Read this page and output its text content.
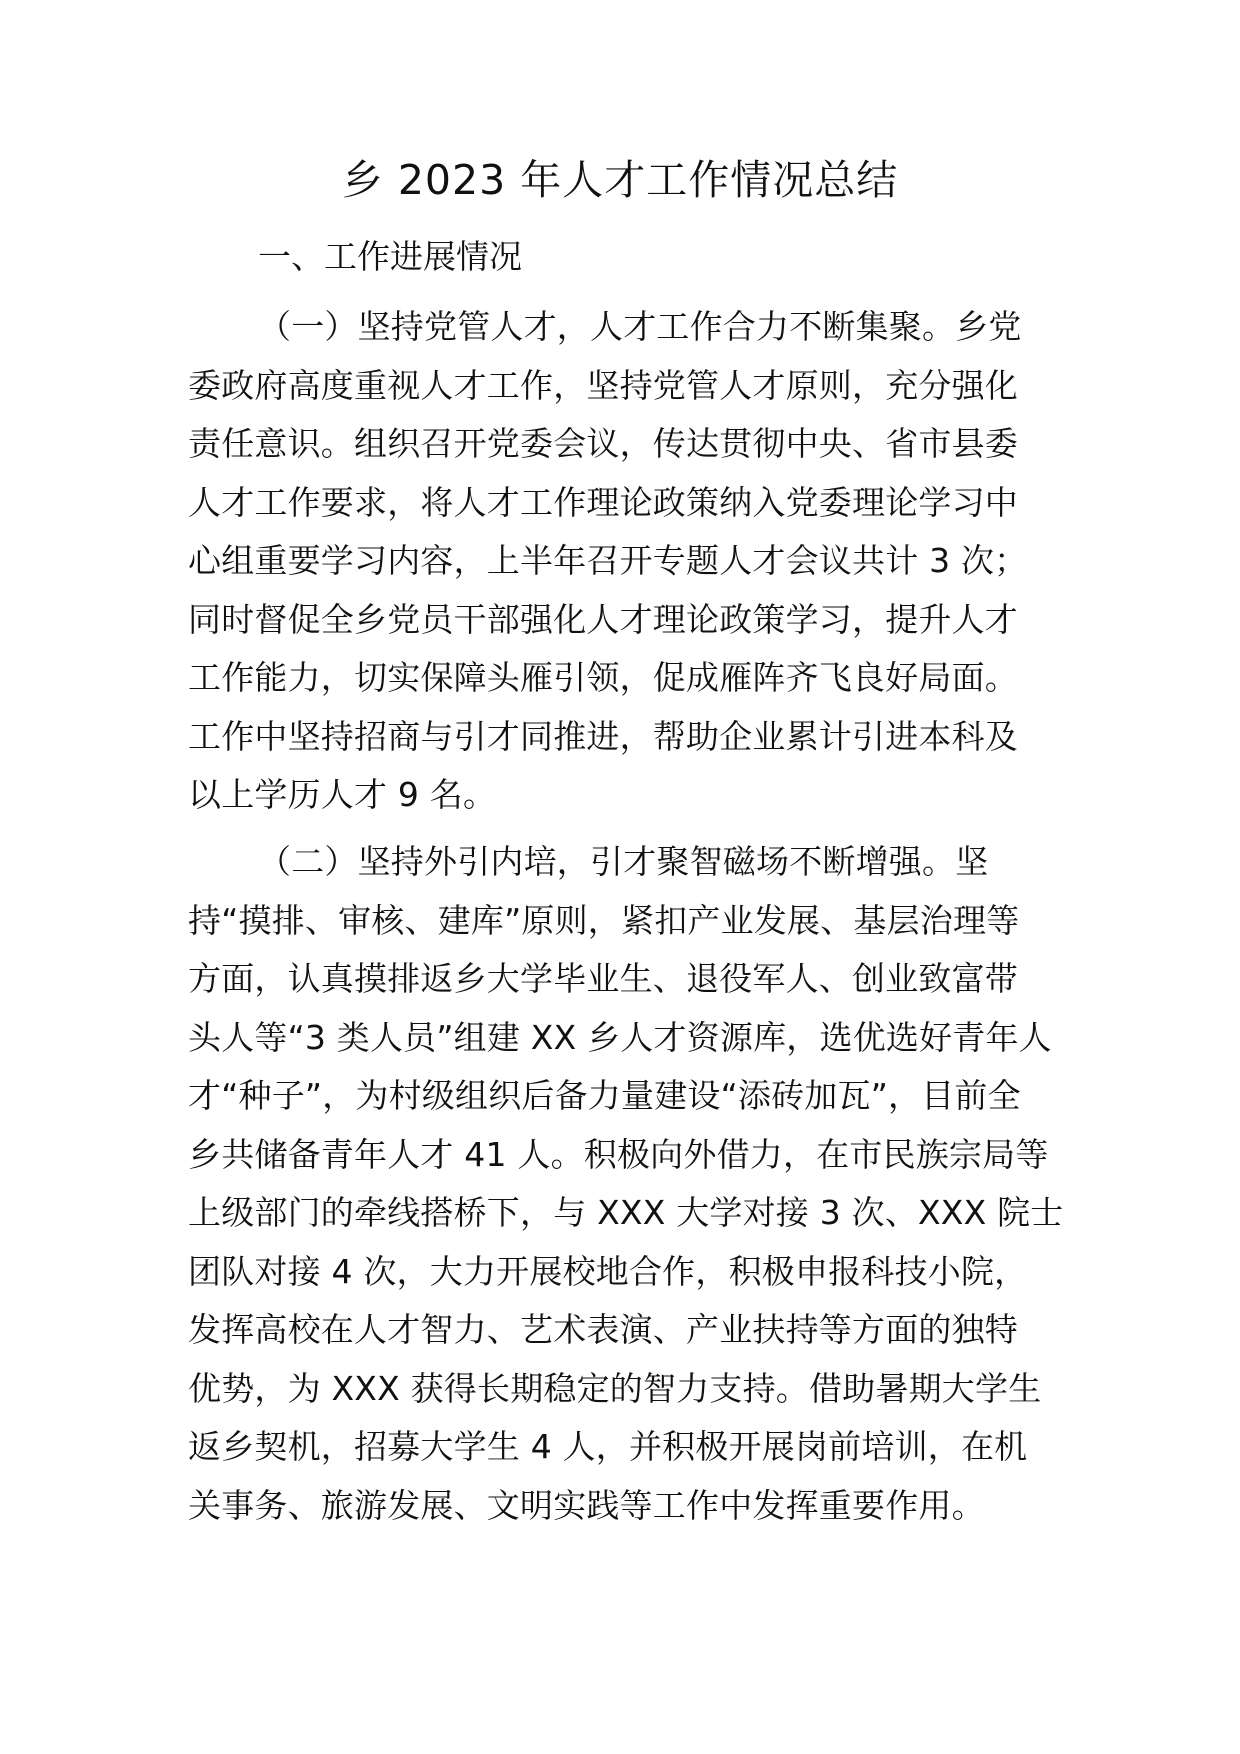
乡 2023 年人才工作情况总结

一、工作进展情况

（一）坚持党管人才，人才工作合力不断集聚。乡党
委政府高度重视人才工作，坚持党管人才原则，充分强化
责任意识。组织召开党委会议，传达贯彻中央、省市县委
人才工作要求，将人才工作理论政策纳入党委理论学习中
心组重要学习内容，上半年召开专题人才会议共计 3 次；
同时督促全乡党员干部强化人才理论政策学习，提升人才
工作能力，切实保障头雁引领，促成雁阵齐飞良好局面。
工作中坚持招商与引才同推进，帮助企业累计引进本科及
以上学历人才 9 名。
（二）坚持外引内培，引才聚智磁场不断增强。坚
持“摸排、审核、建库”原则，紧扣产业发展、基层治理等
方面，认真摸排返乡大学毕业生、退役军人、创业致富带
头人等“3 类人员”组建 XX 乡人才资源库，选优选好青年人
才“种子”，为村级组织后备力量建设“添砖加瓦”，目前全
乡共储备青年人才 41 人。积极向外借力，在市民族宗局等
上级部门的牵线搭桥下，与 XXX 大学对接 3 次、XXX 院士
团队对接 4 次，大力开展校地合作，积极申报科技小院，
发挥高校在人才智力、艺术表演、产业扶持等方面的独特
优势，为 XXX 获得长期稳定的智力支持。借助暑期大学生
返乡契机，招募大学生 4 人，并积极开展岗前培训，在机
关事务、旅游发展、文明实践等工作中发挥重要作用。
